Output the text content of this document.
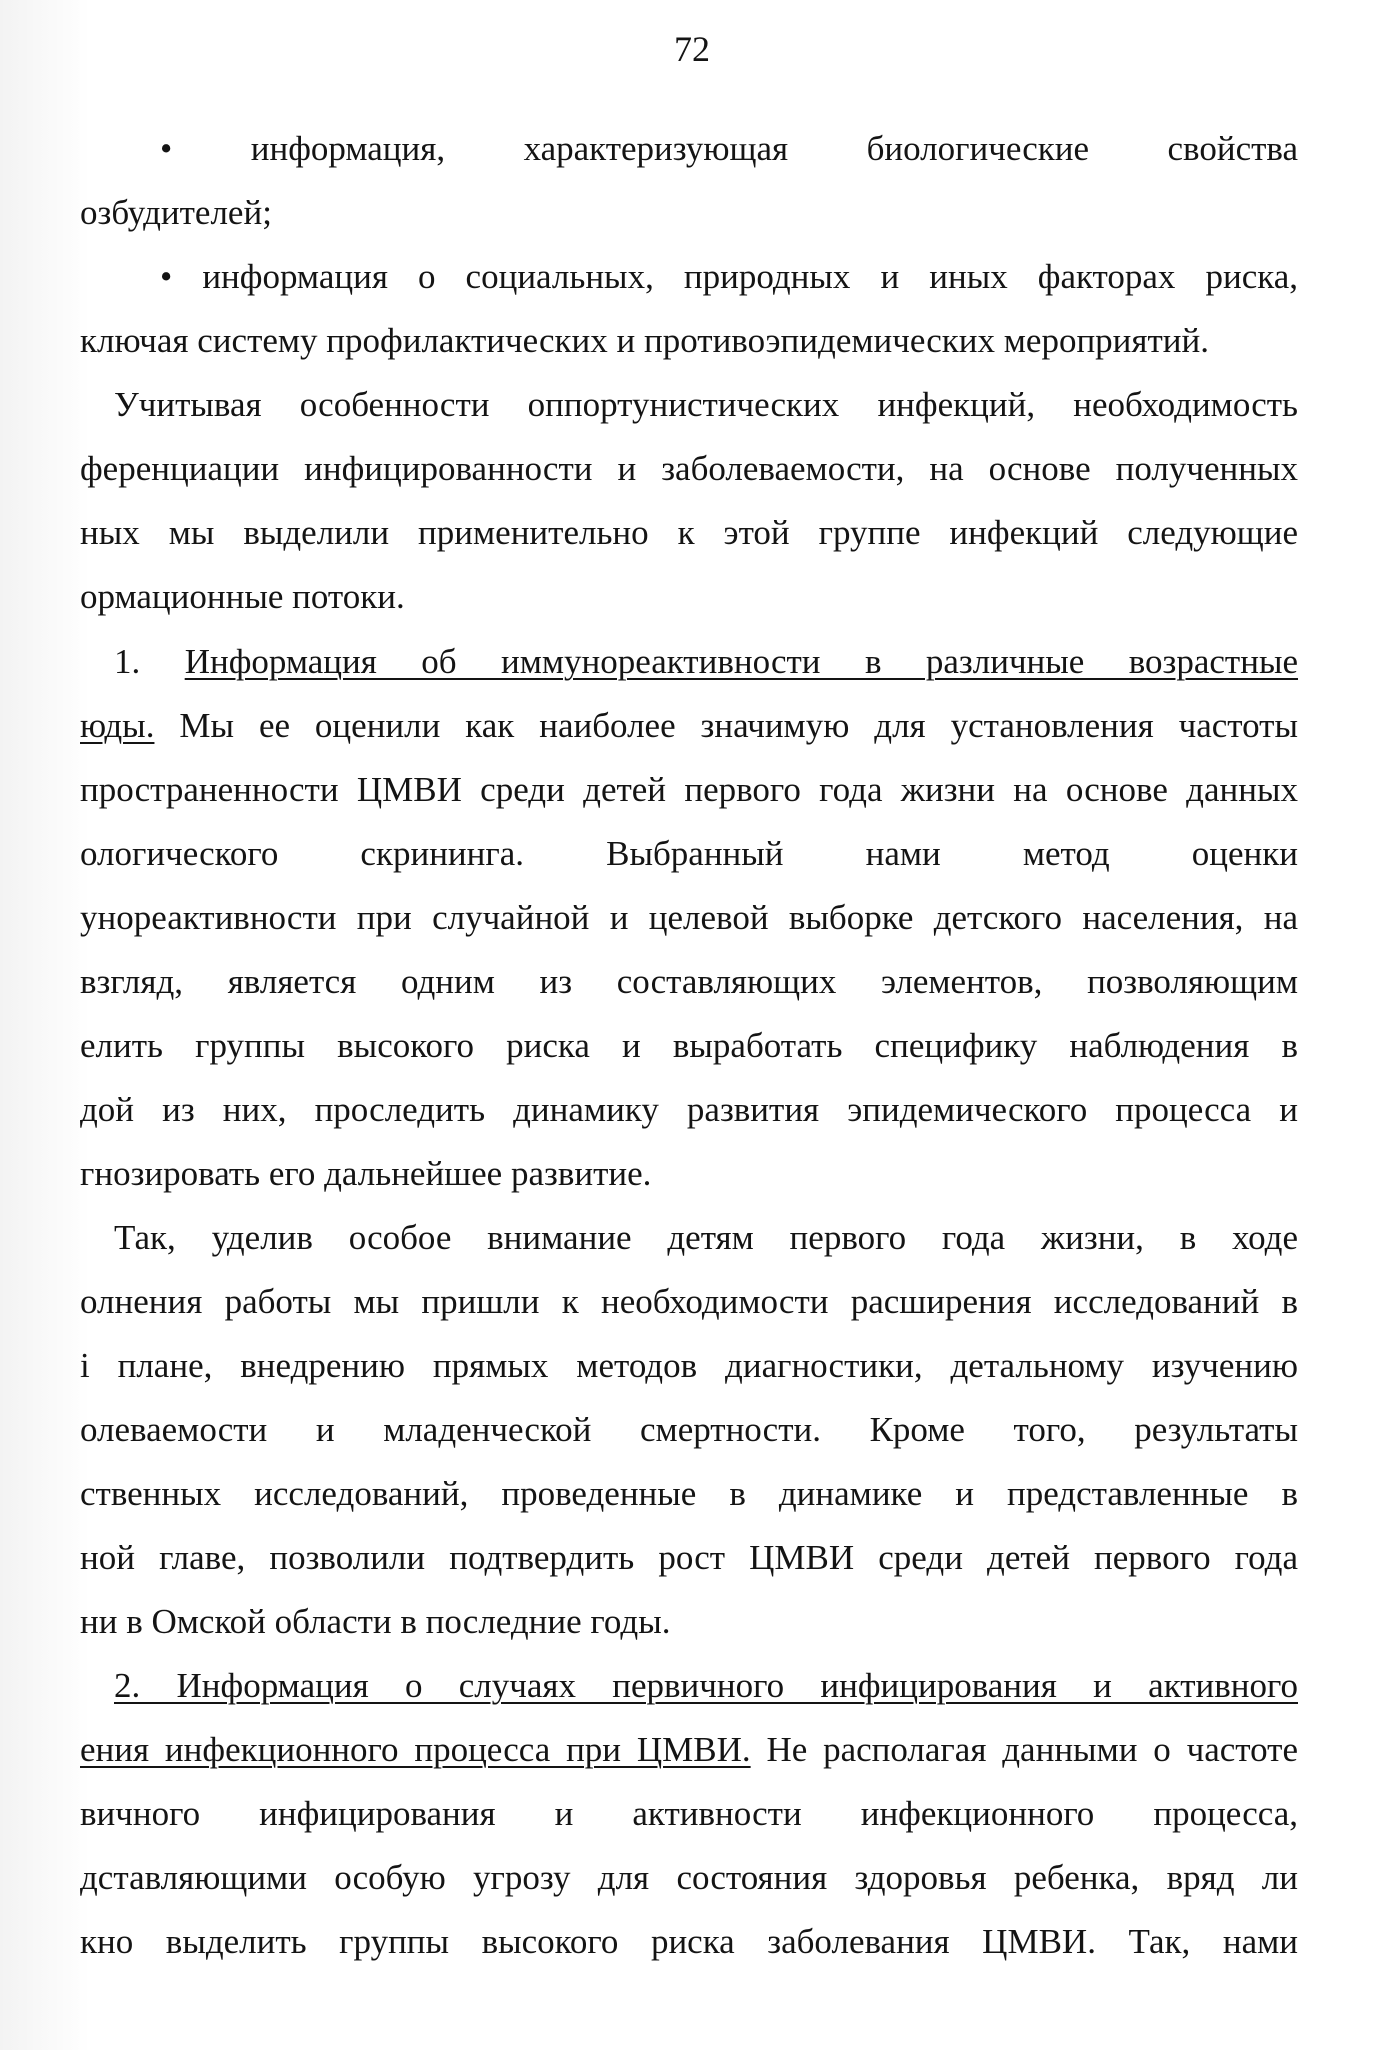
72
• информация, характеризующая биологические свойства
озбудителей;
• информация о социальных, природных и иных факторах риска,
ключая систему профилактических и противоэпидемических мероприятий.
Учитывая особенности оппортунистических инфекций, необходимость
ференциации инфицированности и заболеваемости, на основе полученных
ных мы выделили применительно к этой группе инфекций следующие
ормационные потоки.
1. Информация об иммунореактивности в различные возрастные
юды. Мы ее оценили как наиболее значимую для установления частоты
пространенности ЦМВИ среди детей первого года жизни на основе данных
ологического скрининга. Выбранный нами метод оценки
унореактивности при случайной и целевой выборке детского населения, на
взгляд, является одним из составляющих элементов, позволяющим
елить группы высокого риска и выработать специфику наблюдения в
дой из них, проследить динамику развития эпидемического процесса и
гнозировать его дальнейшее развитие.
Так, уделив особое внимание детям первого года жизни, в ходе
олнения работы мы пришли к необходимости расширения исследований в
і плане, внедрению прямых методов диагностики, детальному изучению
олеваемости и младенческой смертности. Кроме того, результаты
ственных исследований, проведенные в динамике и представленные в
ной главе, позволили подтвердить рост ЦМВИ среди детей первого года
ни в Омской области в последние годы.
2. Информация о случаях первичного инфицирования и активного
ения инфекционного процесса при ЦМВИ. Не располагая данными о частоте
вичного инфицирования и активности инфекционного процесса,
дставляющими особую угрозу для состояния здоровья ребенка, вряд ли
кно выделить группы высокого риска заболевания ЦМВИ. Так, нами
